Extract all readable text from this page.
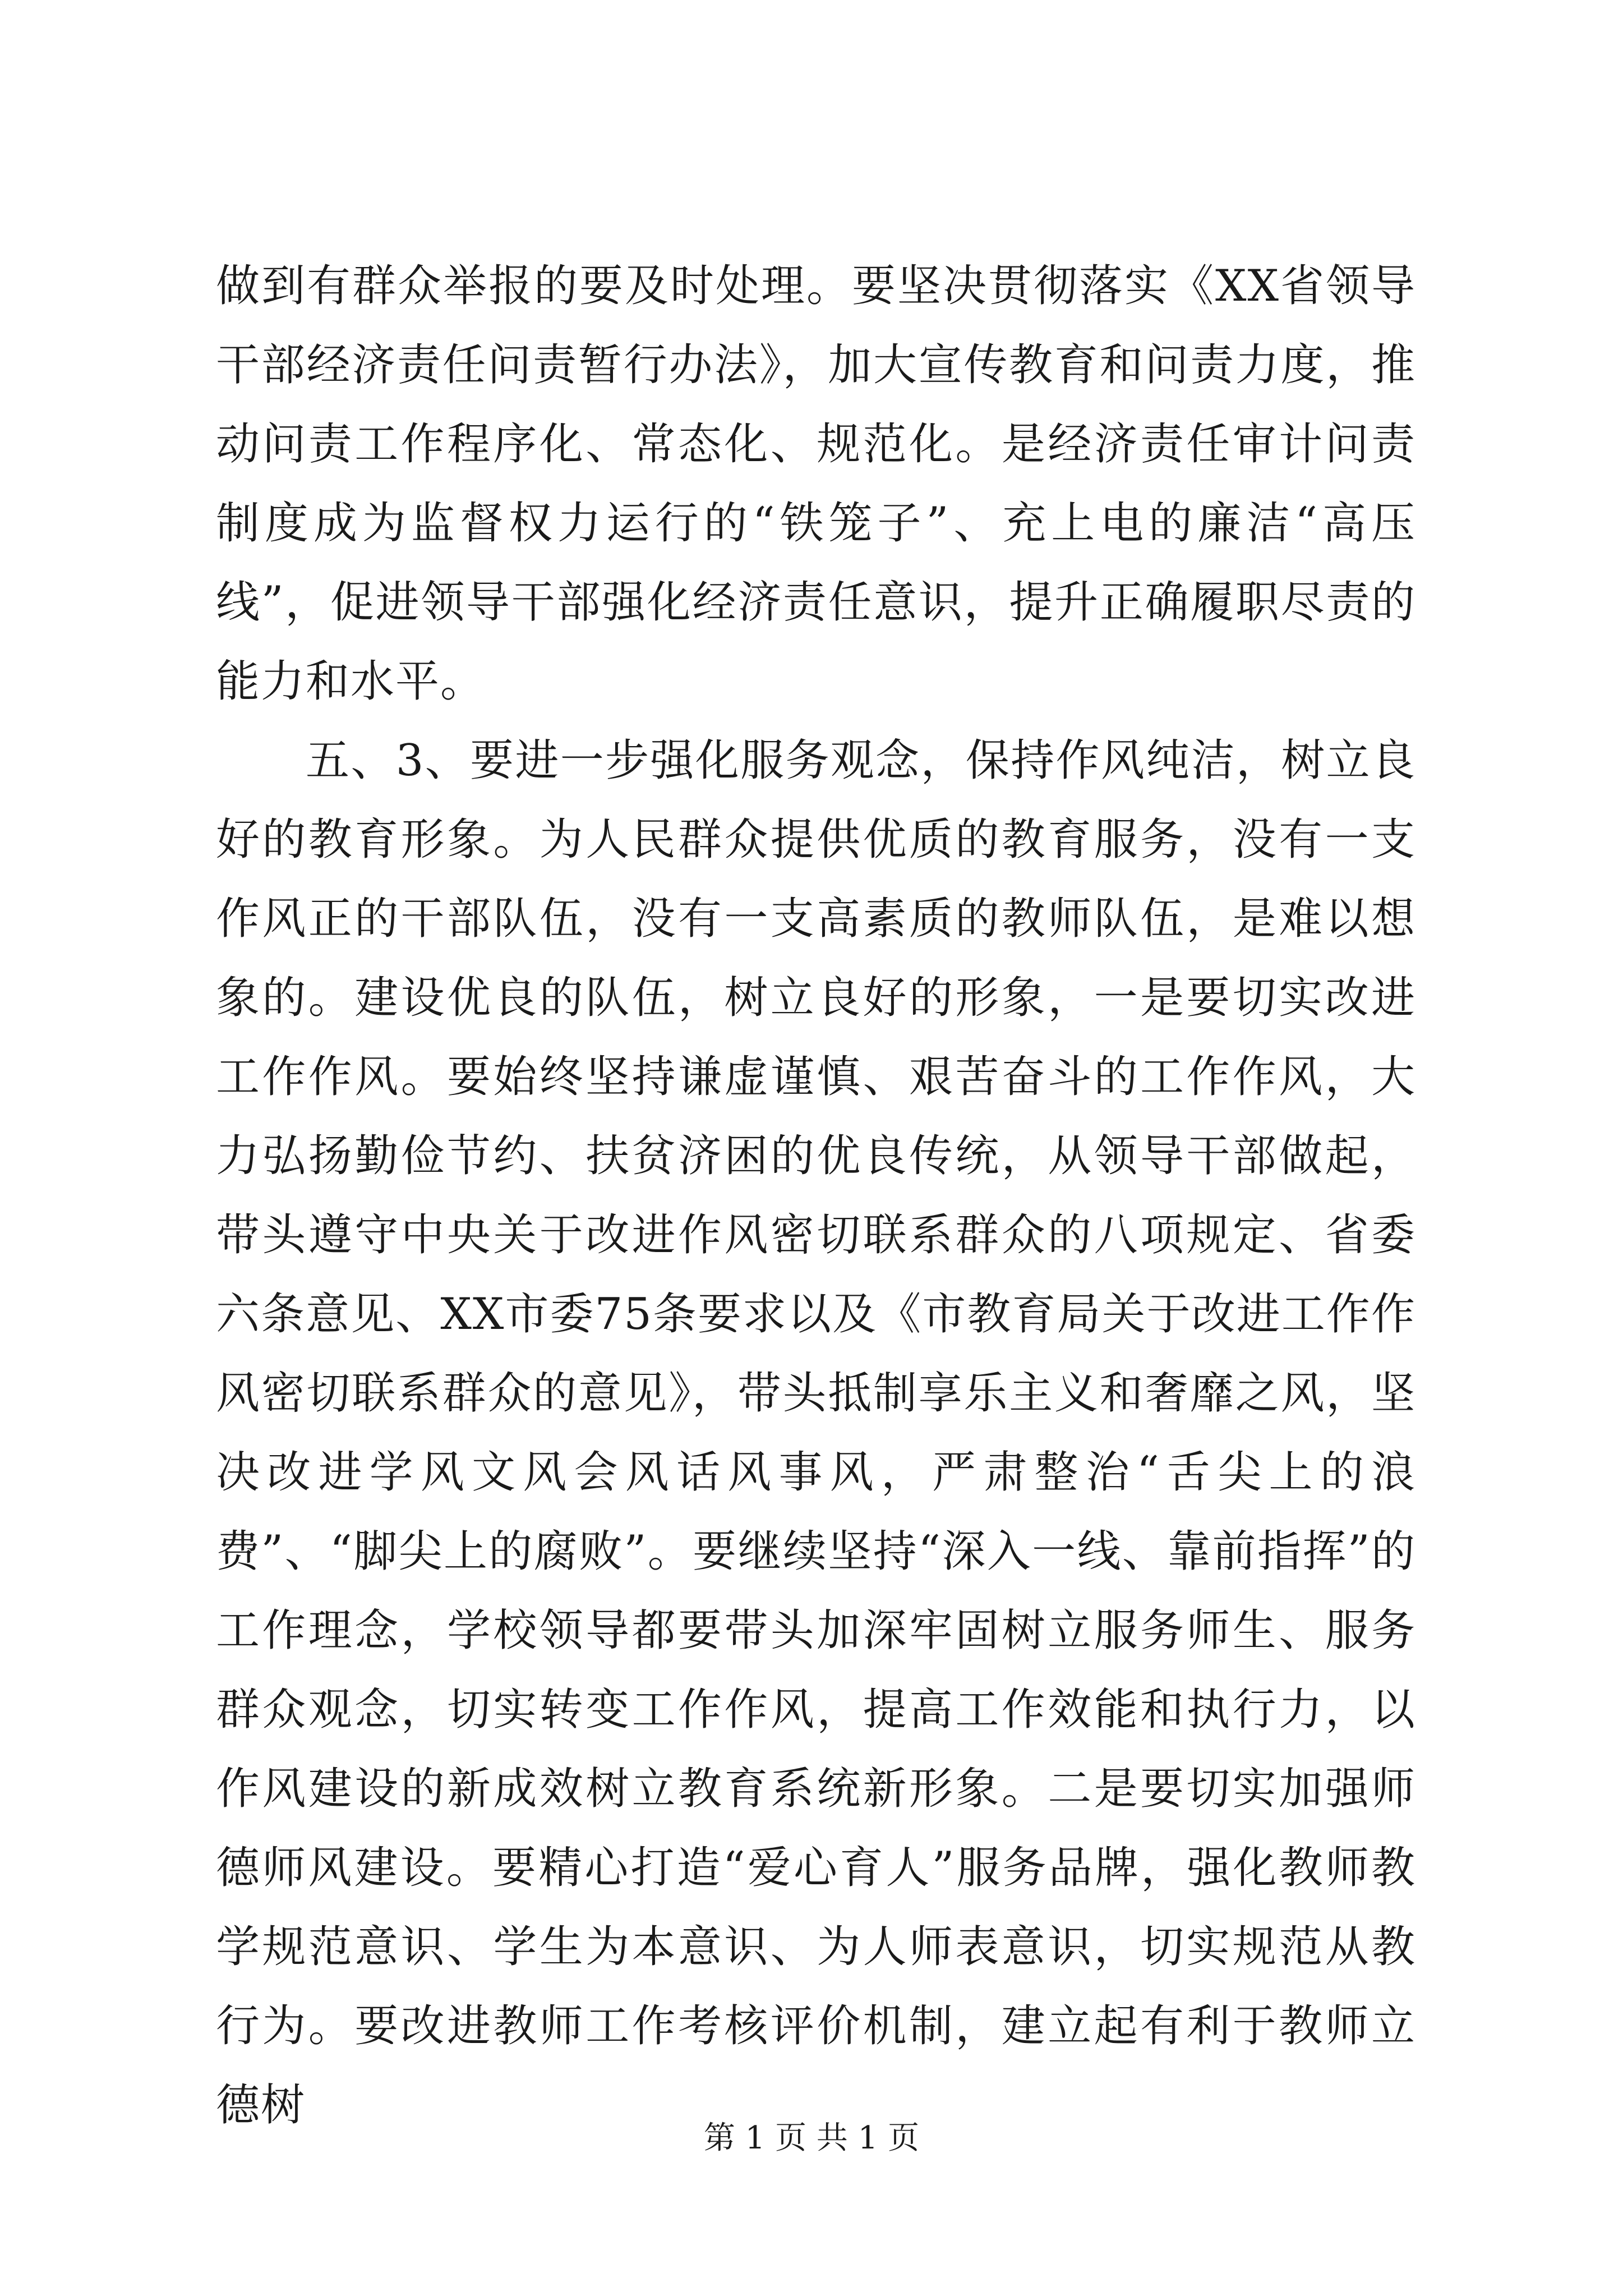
做到有群众举报的要及时处理。要坚决贯彻落实《XX省领导干部经济责任问责暂行办法》，加大宣传教育和问责力度，推动问责工作程序化、常态化、规范化。是经济责任审计问责制度成为监督权力运行的“铁笼子”、充上电的廉洁“高压线”，促进领导干部强化经济责任意识，提升正确履职尽责的能力和水平。

五、3、要进一步强化服务观念，保持作风纯洁，树立良好的教育形象。为人民群众提供优质的教育服务，没有一支作风正的干部队伍，没有一支高素质的教师队伍，是难以想象的。建设优良的队伍，树立良好的形象，一是要切实改进工作作风。要始终坚持谦虚谨慎、艰苦奋斗的工作作风，大力弘扬勤俭节约、扶贫济困的优良传统，从领导干部做起，带头遵守中央关于改进作风密切联系群众的八项规定、省委六条意见、XX市委75条要求以及《市教育局关于改进工作作风密切联系群众的意见》，带头抵制享乐主义和奢靡之风，坚决改进学风文风会风话风事风，严肃整治“舌尖上的浪费”、“脚尖上的腐败”。要继续坚持“深入一线、靠前指挥”的工作理念，学校领导都要带头加深牢固树立服务师生、服务群众观念，切实转变工作作风，提高工作效能和执行力，以作风建设的新成效树立教育系统新形象。二是要切实加强师德师风建设。要精心打造“爱心育人”服务品牌，强化教师教学规范意识、学生为本意识、为人师表意识，切实规范从教行为。要改进教师工作考核评价机制，建立起有利于教师立德树

第 1 页 共 1 页
